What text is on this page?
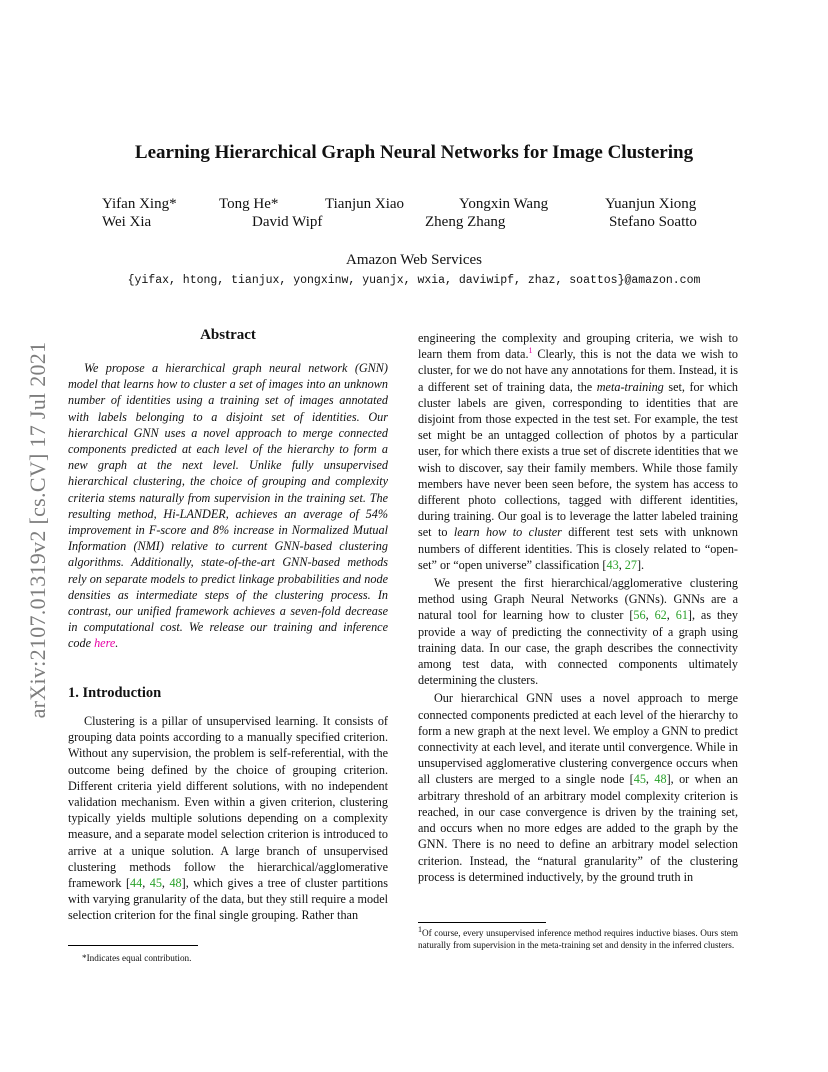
arXiv:2107.01319v2 [cs.CV] 17 Jul 2021
Learning Hierarchical Graph Neural Networks for Image Clustering
Yifan Xing*	Tong He*	Tianjun Xiao	Yongxin Wang	Yuanjun Xiong
Wei Xia	David Wipf	Zheng Zhang	Stefano Soatto
Amazon Web Services
{yifax, htong, tianjux, yongxinw, yuanjx, wxia, daviwipf, zhaz, soattos}@amazon.com
Abstract

We propose a hierarchical graph neural network (GNN) model that learns how to cluster a set of images into an unknown number of identities using a training set of images annotated with labels belonging to a disjoint set of identities. Our hierarchical GNN uses a novel approach to merge connected components predicted at each level of the hierarchy to form a new graph at the next level. Unlike fully unsupervised hierarchical clustering, the choice of grouping and complexity criteria stems naturally from supervision in the training set. The resulting method, Hi-LANDER, achieves an average of 54% improvement in F-score and 8% increase in Normalized Mutual Information (NMI) relative to current GNN-based clustering algorithms. Additionally, state-of-the-art GNN-based methods rely on separate models to predict linkage probabilities and node densities as intermediate steps of the clustering process. In contrast, our unified framework achieves a seven-fold decrease in computational cost. We release our training and inference code here.

1. Introduction

Clustering is a pillar of unsupervised learning. It consists of grouping data points according to a manually specified criterion. Without any supervision, the problem is self-referential, with the outcome being defined by the choice of grouping criterion. Different criteria yield different solutions, with no independent validation mechanism. Even within a given criterion, clustering typically yields multiple solutions depending on a complexity measure, and a separate model selection criterion is introduced to arrive at a unique solution. A large branch of unsupervised clustering methods follow the hierarchical/agglomerative framework [44, 45, 48], which gives a tree of cluster partitions with varying granularity of the data, but they still require a model selection criterion for the final single grouping. Rather than

*Indicates equal contribution.

engineering the complexity and grouping criteria, we wish to learn them from data.$^1$ Clearly, this is not the data we wish to cluster, for we do not have any annotations for them. Instead, it is a different set of training data, the meta-training set, for which cluster labels are given, corresponding to identities that are disjoint from those expected in the test set. For example, the test set might be an untagged collection of photos by a particular user, for which there exists a true set of discrete identities that we wish to discover, say their family members. While those family members have never been seen before, the system has access to different photo collections, tagged with different identities, during training. Our goal is to leverage the latter labeled training set to learn how to cluster different test sets with unknown numbers of different identities. This is closely related to “open-set” or “open universe” classification [43, 27].

We present the first hierarchical/agglomerative clustering method using Graph Neural Networks (GNNs). GNNs are a natural tool for learning how to cluster [56, 62, 61], as they provide a way of predicting the connectivity of a graph using training data. In our case, the graph describes the connectivity among test data, with connected components ultimately determining the clusters.

Our hierarchical GNN uses a novel approach to merge connected components predicted at each level of the hierarchy to form a new graph at the next level. We employ a GNN to predict connectivity at each level, and iterate until convergence. While in unsupervised agglomerative clustering convergence occurs when all clusters are merged to a single node [45, 48], or when an arbitrary threshold of an arbitrary model complexity criterion is reached, in our case convergence is driven by the training set, and occurs when no more edges are added to the graph by the GNN. There is no need to define an arbitrary model selection criterion. Instead, the “natural granularity” of the clustering process is determined inductively, by the ground truth in

$^1$Of course, every unsupervised inference method requires inductive biases. Ours stem naturally from supervision in the meta-training set and density in the inferred clusters.
